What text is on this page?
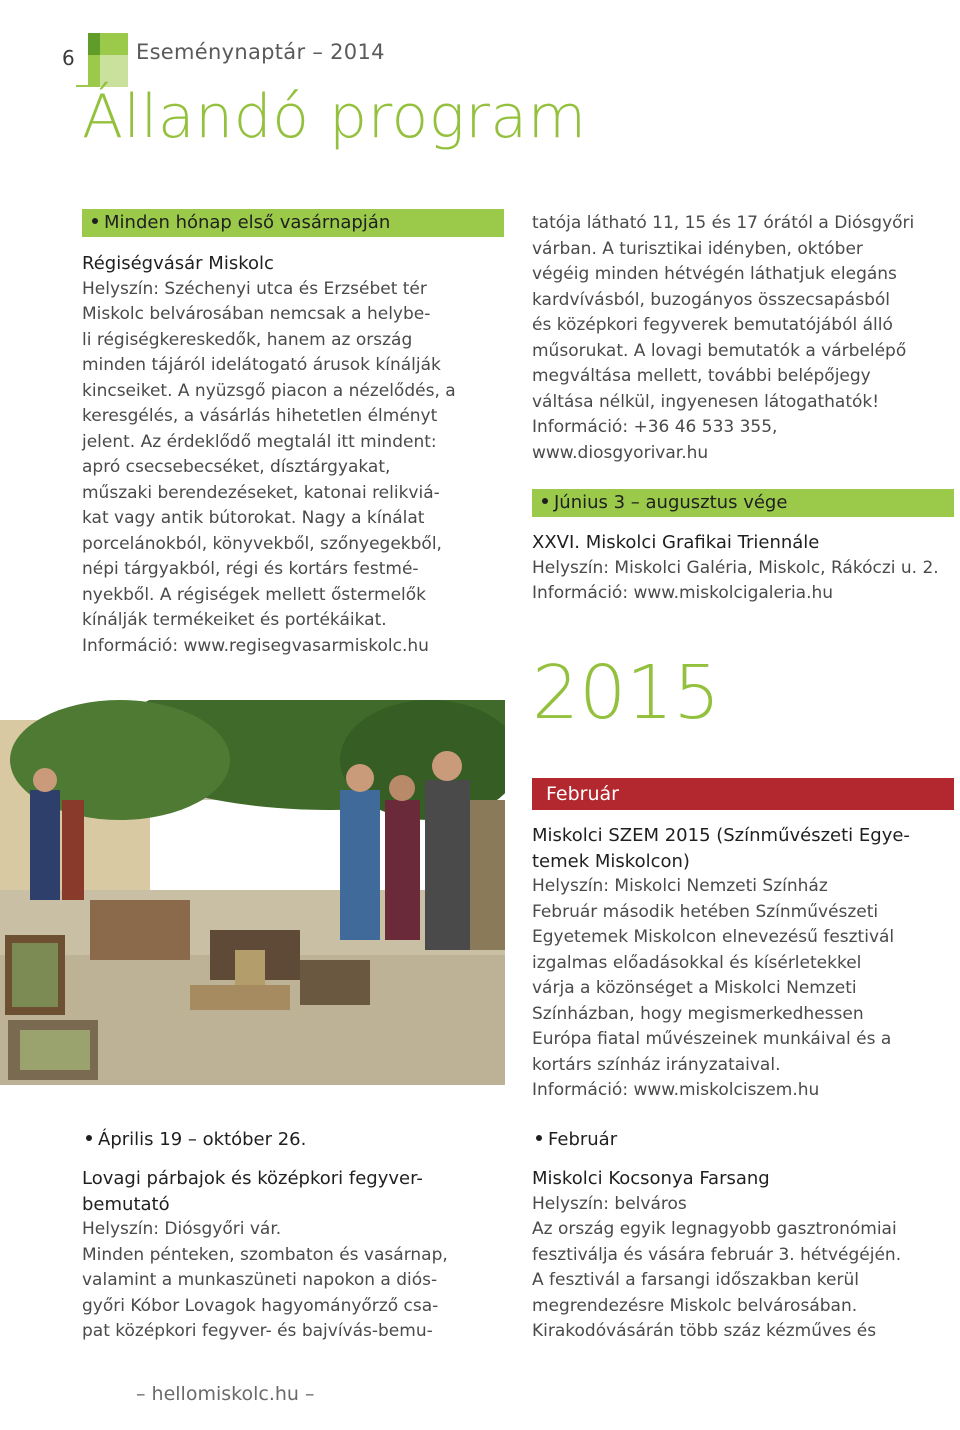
6	Eseménynaptár – 2014
Állandó program
Minden hónap első vasárnapján

Régiségvásár Miskolc

Helyszín: Széchenyi utca és Erzsébet tér

Miskolc belvárosában nemcsak a helybe-

li régiségkereskedők, hanem az ország

minden tájáról idelátogató árusok kínálják

kincseiket. A nyüzsgő piacon a nézelődés, a

keresgélés, a vásárlás hihetetlen élményt

jelent. Az érdeklődő megtalál itt mindent:

apró csecsebecséket, dísztárgyakat,

műszaki berendezéseket, katonai relikviá-

kat vagy antik bútorokat. Nagy a kínálat

porcelánokból, könyvekből, szőnyegekből,

népi tárgyakból, régi és kortárs festmé-

nyekből. A régiségek mellett őstermelők

kínálják termékeiket és portékáikat.

Információ: www.regisegvasarmiskolc.hu

Április 19 – október 26.

Lovagi párbajok és középkori fegyver-

bemutató

Helyszín: Diósgyőri vár.

Minden pénteken, szombaton és vasárnap,

valamint a munkaszüneti napokon a diós-

győri Kóbor Lovagok hagyományőrző csa-

pat középkori fegyver- és bajvívás-bemu-

tatója látható 11, 15 és 17 órától a Diósgyőri

várban. A turisztikai idényben, október

végéig minden hétvégén láthatjuk elegáns

kardvívásból, buzogányos összecsapásból

és középkori fegyverek bemutatójából álló

műsorukat. A lovagi bemutatók a várbelépő

megváltása mellett, további belépőjegy

váltása nélkül, ingyenesen látogathatók!

Információ: +36 46 533 355,

www.diosgyorivar.hu

Június 3 – augusztus vége

XXVI. Miskolci Grafikai Triennále

Helyszín: Miskolci Galéria, Miskolc, Rákóczi u. 2.

Információ: www.miskolcigaleria.hu

2015
Február

Miskolci SZEM 2015 (Színművészeti Egye-

temek Miskolcon)

Helyszín: Miskolci Nemzeti Színház

Február második hetében Színművészeti

Egyetemek Miskolcon elnevezésű fesztivál

izgalmas előadásokkal és kísérletekkel

várja a közönséget a Miskolci Nemzeti

Színházban, hogy megismerkedhessen

Európa fiatal művészeinek munkáival és a

kortárs színház irányzataival.

Információ: www.miskolciszem.hu

Február

Miskolci Kocsonya Farsang

Helyszín: belváros

Az ország egyik legnagyobb gasztronómiai

fesztiválja és vására február 3. hétvégéjén.

A fesztivál a farsangi időszakban kerül

megrendezésre Miskolc belvárosában.

Kirakodóvásárán több száz kézműves és

– hellomiskolc.hu –
